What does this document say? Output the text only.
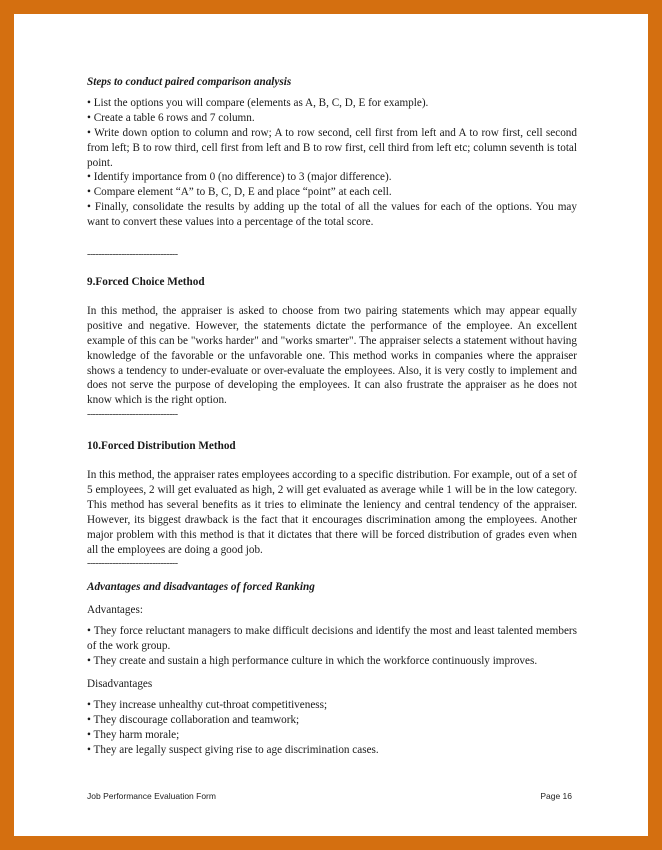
Steps to conduct paired comparison analysis
• List the options you will compare (elements as A, B, C, D, E for example).
• Create a table 6 rows and 7 column.
• Write down option to column and row; A to row second, cell first from left and A to row first, cell second from left; B to row third, cell first from left and B to row first, cell third from left etc; column seventh is total point.
• Identify importance from 0 (no difference) to 3 (major difference).
• Compare element “A” to B, C, D, E and place “point” at each cell.
• Finally, consolidate the results by adding up the total of all the values for each of the options. You may want to convert these values into a percentage of the total score.
--------------------------------
9.Forced Choice Method

In this method, the appraiser is asked to choose from two pairing statements which may appear equally positive and negative. However, the statements dictate the performance of the employee. An excellent example of this can be "works harder" and "works smarter". The appraiser selects a statement without having knowledge of the favorable or the unfavorable one. This method works in companies where the appraiser shows a tendency to under-evaluate or over-evaluate the employees. Also, it is very costly to implement and does not serve the purpose of developing the employees. It can also frustrate the appraiser as he does not know which is the right option.

--------------------------------
10.Forced Distribution Method

In this method, the appraiser rates employees according to a specific distribution. For example, out of a set of 5 employees, 2 will get evaluated as high, 2 will get evaluated as average while 1 will be in the low category. This method has several benefits as it tries to eliminate the leniency and central tendency of the appraiser. However, its biggest drawback is the fact that it encourages discrimination among the employees. Another major problem with this method is that it dictates that there will be forced distribution of grades even when all the employees are doing a good job.

--------------------------------
Advantages and disadvantages of forced Ranking
Advantages:
• They force reluctant managers to make difficult decisions and identify the most and least talented members of the work group.
• They create and sustain a high performance culture in which the workforce continuously improves.
Disadvantages
• They increase unhealthy cut-throat competitiveness;
• They discourage collaboration and teamwork;
• They harm morale;
• They are legally suspect giving rise to age discrimination cases.
Job Performance Evaluation Form	Page 16
